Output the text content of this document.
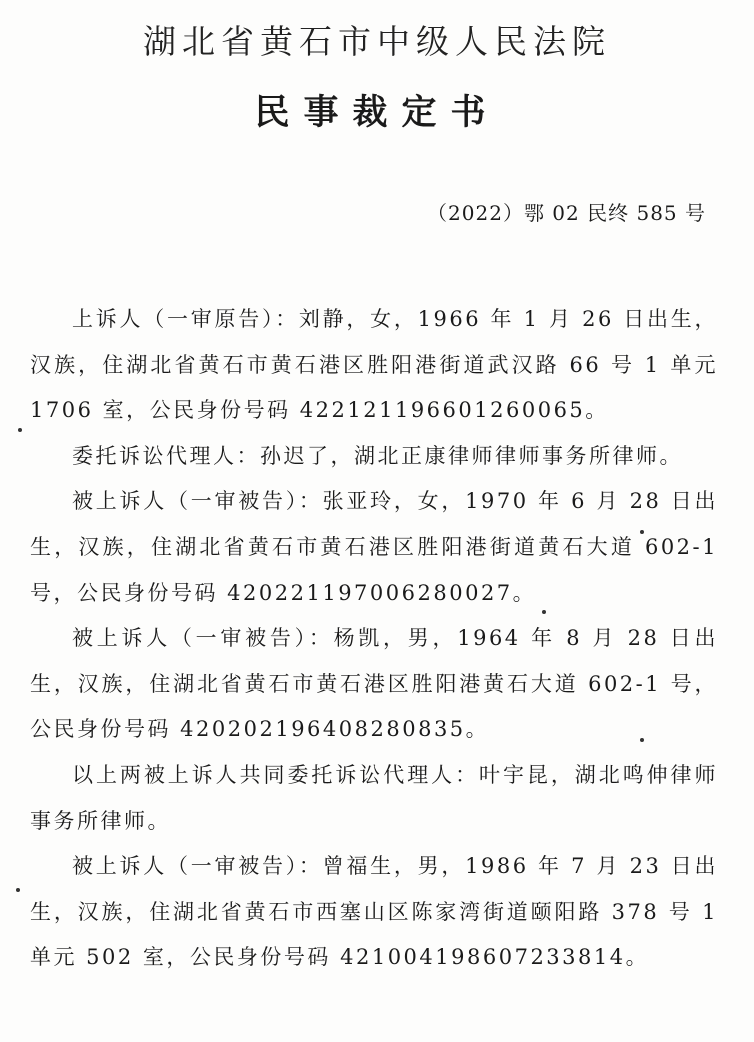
湖北省黄石市中级人民法院
民事裁定书
（2022）鄂 02 民终 585 号

上诉人（一审原告）：刘静，女，1966 年 1 月 26 日出生，汉族，住湖北省黄石市黄石港区胜阳港街道武汉路 66 号 1 单元 1706 室，公民身份号码 422121196601260065。

委托诉讼代理人：孙迟了，湖北正康律师律师事务所律师。

被上诉人（一审被告）：张亚玲，女，1970 年 6 月 28 日出生，汉族，住湖北省黄石市黄石港区胜阳港街道黄石大道 602-1 号，公民身份号码 420221197006280027。

被上诉人（一审被告）：杨凯，男，1964 年 8 月 28 日出生，汉族，住湖北省黄石市黄石港区胜阳港黄石大道 602-1 号，公民身份号码 420202196408280835。

以上两被上诉人共同委托诉讼代理人：叶宇昆，湖北鸣伸律师事务所律师。

被上诉人（一审被告）：曾福生，男，1986 年 7 月 23 日出生，汉族，住湖北省黄石市西塞山区陈家湾街道颐阳路 378 号 1 单元 502 室，公民身份号码 421004198607233814。
